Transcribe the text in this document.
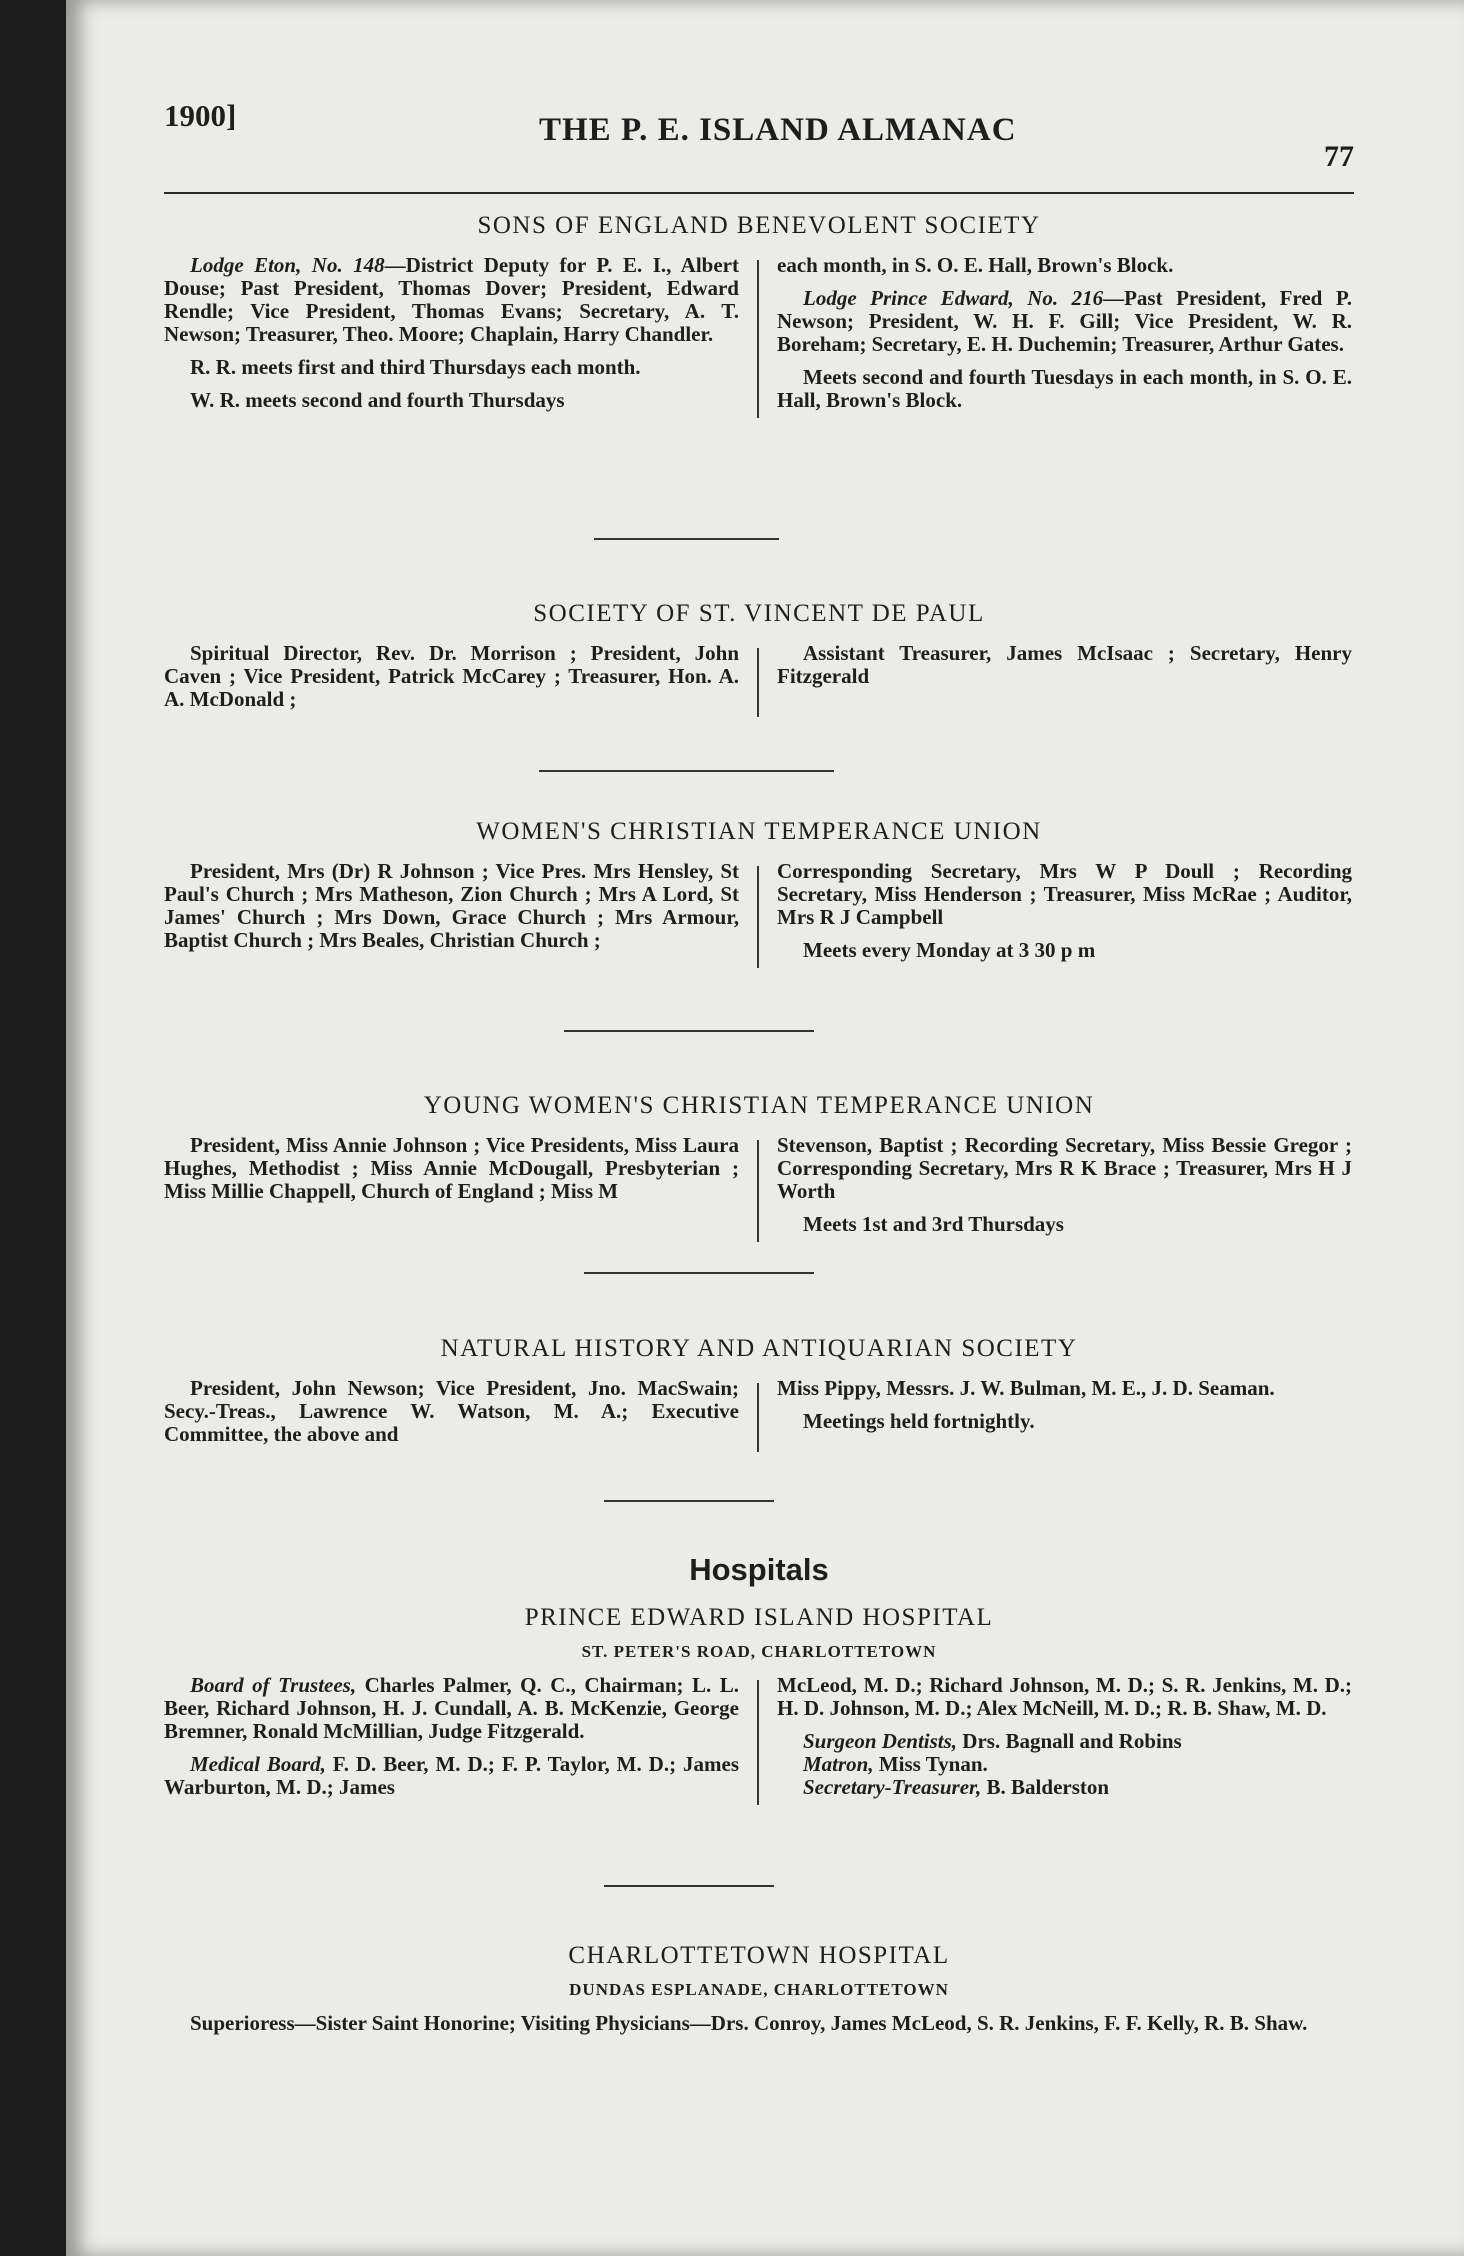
1900]	THE P. E. ISLAND ALMANAC
77
SONS OF ENGLAND BENEVOLENT SOCIETY

Lodge Eton, No. 148—District Deputy for P. E. I., Albert Douse; Past President, Thomas Dover; President, Edward Rendle; Vice President, Thomas Evans; Secretary, A. T. Newson; Treasurer, Theo. Moore; Chaplain, Harry Chandler.

R. R. meets first and third Thursdays each month.

W. R. meets second and fourth Thursdays

each month, in S. O. E. Hall, Brown's Block.

Lodge Prince Edward, No. 216—Past President, Fred P. Newson; President, W. H. F. Gill; Vice President, W. R. Boreham; Secretary, E. H. Duchemin; Treasurer, Arthur Gates.

Meets second and fourth Tuesdays in each month, in S. O. E. Hall, Brown's Block.

SOCIETY OF ST. VINCENT DE PAUL

Spiritual Director, Rev. Dr. Morrison ; President, John Caven ; Vice President, Patrick McCarey ; Treasurer, Hon. A. A. McDonald ;

Assistant Treasurer, James McIsaac ; Secretary, Henry Fitzgerald

WOMEN'S CHRISTIAN TEMPERANCE UNION

President, Mrs (Dr) R Johnson ; Vice Pres. Mrs Hensley, St Paul's Church ; Mrs Matheson, Zion Church ; Mrs A Lord, St James' Church ; Mrs Down, Grace Church ; Mrs Armour, Baptist Church ; Mrs Beales, Christian Church ;

Corresponding Secretary, Mrs W P Doull ; Recording Secretary, Miss Henderson ; Treasurer, Miss McRae ; Auditor, Mrs R J Campbell

Meets every Monday at 3 30 p m

YOUNG WOMEN'S CHRISTIAN TEMPERANCE UNION

President, Miss Annie Johnson ; Vice Presidents, Miss Laura Hughes, Methodist ; Miss Annie McDougall, Presbyterian ; Miss Millie Chappell, Church of England ; Miss M

Stevenson, Baptist ; Recording Secretary, Miss Bessie Gregor ; Corresponding Secretary, Mrs R K Brace ; Treasurer, Mrs H J Worth

Meets 1st and 3rd Thursdays

NATURAL HISTORY AND ANTIQUARIAN SOCIETY

President, John Newson; Vice President, Jno. MacSwain; Secy.-Treas., Lawrence W. Watson, M. A.; Executive Committee, the above and

Miss Pippy, Messrs. J. W. Bulman, M. E., J. D. Seaman.

Meetings held fortnightly.

Hospitals
PRINCE EDWARD ISLAND HOSPITAL
ST. PETER'S ROAD, CHARLOTTETOWN

Board of Trustees, Charles Palmer, Q. C., Chairman; L. L. Beer, Richard Johnson, H. J. Cundall, A. B. McKenzie, George Bremner, Ronald McMillian, Judge Fitzgerald.

Medical Board, F. D. Beer, M. D.; F. P. Taylor, M. D.; James Warburton, M. D.; James

McLeod, M. D.; Richard Johnson, M. D.; S. R. Jenkins, M. D.; H. D. Johnson, M. D.; Alex McNeill, M. D.; R. B. Shaw, M. D.

Surgeon Dentists, Drs. Bagnall and Robins

Matron, Miss Tynan.

Secretary-Treasurer, B. Balderston

CHARLOTTETOWN HOSPITAL
DUNDAS ESPLANADE, CHARLOTTETOWN

Superioress—Sister Saint Honorine; Visiting Physicians—Drs. Conroy, James McLeod, S. R. Jenkins, F. F. Kelly, R. B. Shaw.
